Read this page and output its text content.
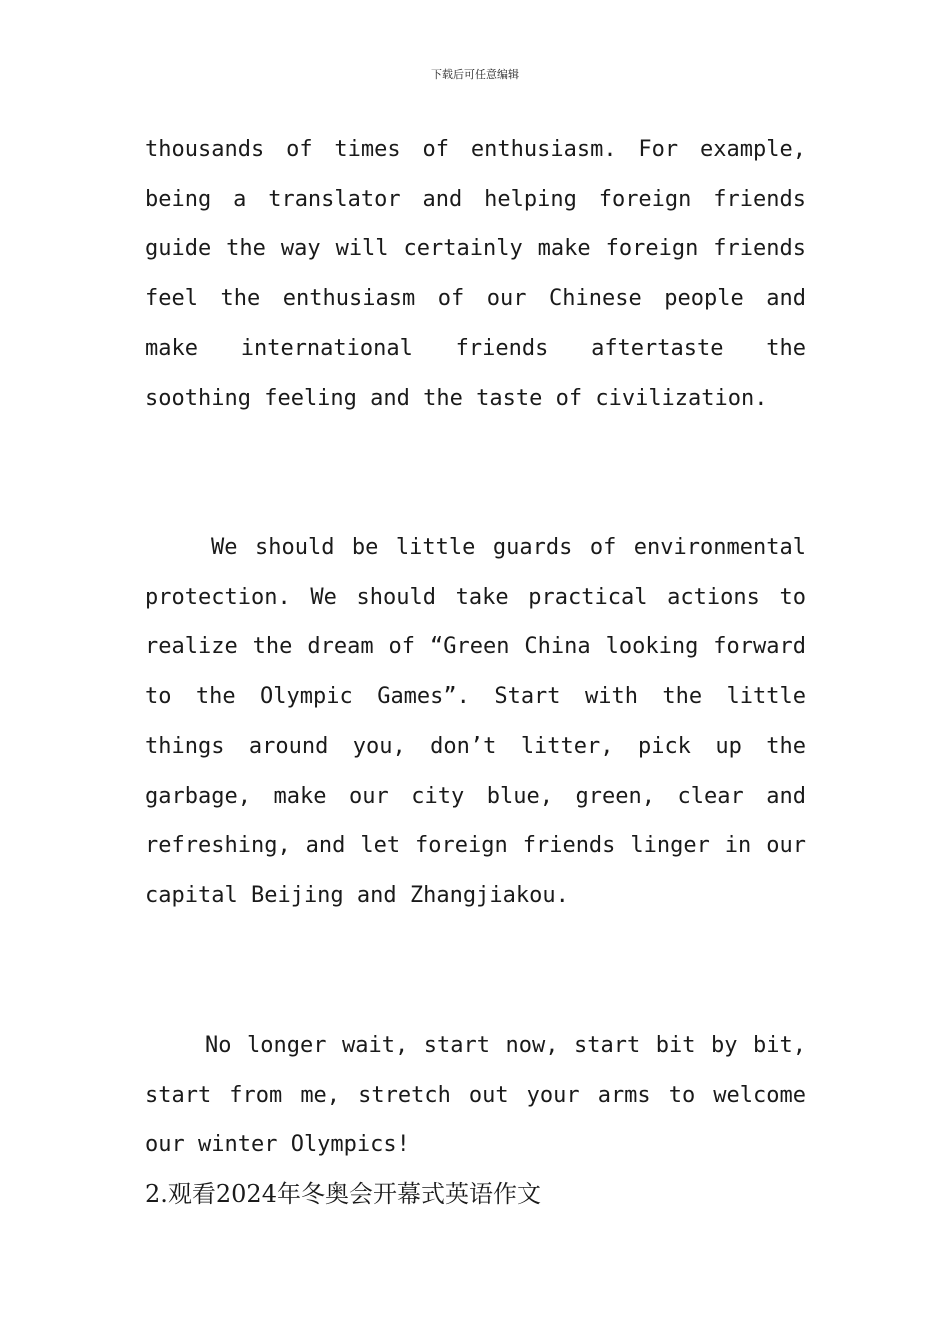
下载后可任意编辑

thousands of times of enthusiasm. For example, being a translator and helping foreign friends guide the way will certainly make foreign friends feel the enthusiasm of our Chinese people and make international friends aftertaste the soothing feeling and the taste of civilization.

We should be little guards of environmental protection. We should take practical actions to realize the dream of “Green China looking forward to the Olympic Games”. Start with the little things around you, don’t litter, pick up the garbage, make our city blue, green, clear and refreshing, and let foreign friends linger in our capital Beijing and Zhangjiakou.

No longer wait, start now, start bit by bit, start from me, stretch out your arms to welcome our winter Olympics!

2.观看2024年冬奥会开幕式英语作文
